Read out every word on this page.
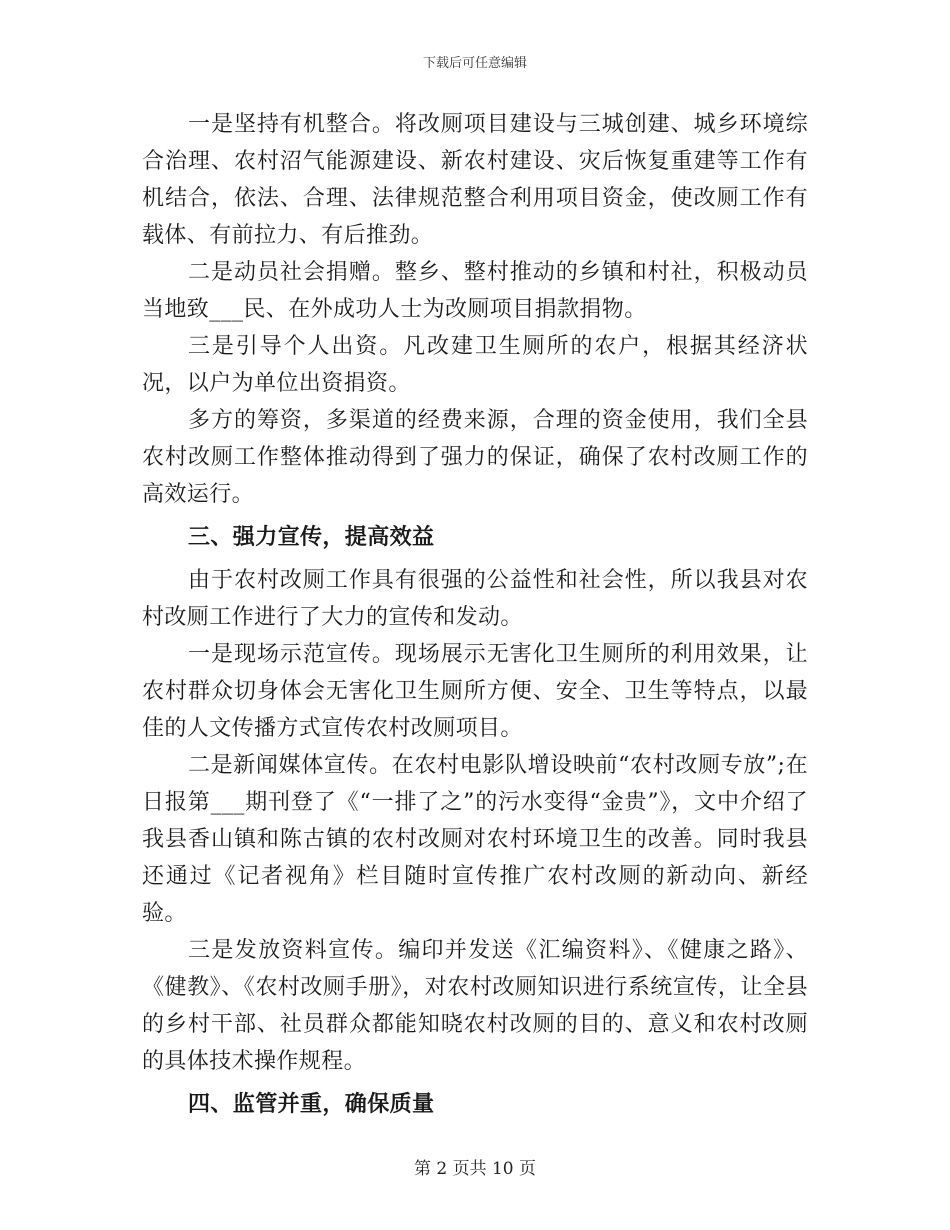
下载后可任意编辑

一是坚持有机整合。将改厕项目建设与三城创建、城乡环境综合治理、农村沼气能源建设、新农村建设、灾后恢复重建等工作有机结合，依法、合理、法律规范整合利用项目资金，使改厕工作有载体、有前拉力、有后推劲。

二是动员社会捐赠。整乡、整村推动的乡镇和村社，积极动员当地致___民、在外成功人士为改厕项目捐款捐物。

三是引导个人出资。凡改建卫生厕所的农户，根据其经济状况，以户为单位出资捐资。

多方的筹资，多渠道的经费来源，合理的资金使用，我们全县农村改厕工作整体推动得到了强力的保证，确保了农村改厕工作的高效运行。

三、强力宣传，提高效益

由于农村改厕工作具有很强的公益性和社会性，所以我县对农村改厕工作进行了大力的宣传和发动。

一是现场示范宣传。现场展示无害化卫生厕所的利用效果，让农村群众切身体会无害化卫生厕所方便、安全、卫生等特点，以最佳的人文传播方式宣传农村改厕项目。

二是新闻媒体宣传。在农村电影队增设映前“农村改厕专放”;在日报第___期刊登了《“一排了之”的污水变得“金贵”》，文中介绍了我县香山镇和陈古镇的农村改厕对农村环境卫生的改善。同时我县还通过《记者视角》栏目随时宣传推广农村改厕的新动向、新经验。

三是发放资料宣传。编印并发送《汇编资料》、《健康之路》、《健教》、《农村改厕手册》，对农村改厕知识进行系统宣传，让全县的乡村干部、社员群众都能知晓农村改厕的目的、意义和农村改厕的具体技术操作规程。

四、监管并重，确保质量

第 2 页共 10 页
